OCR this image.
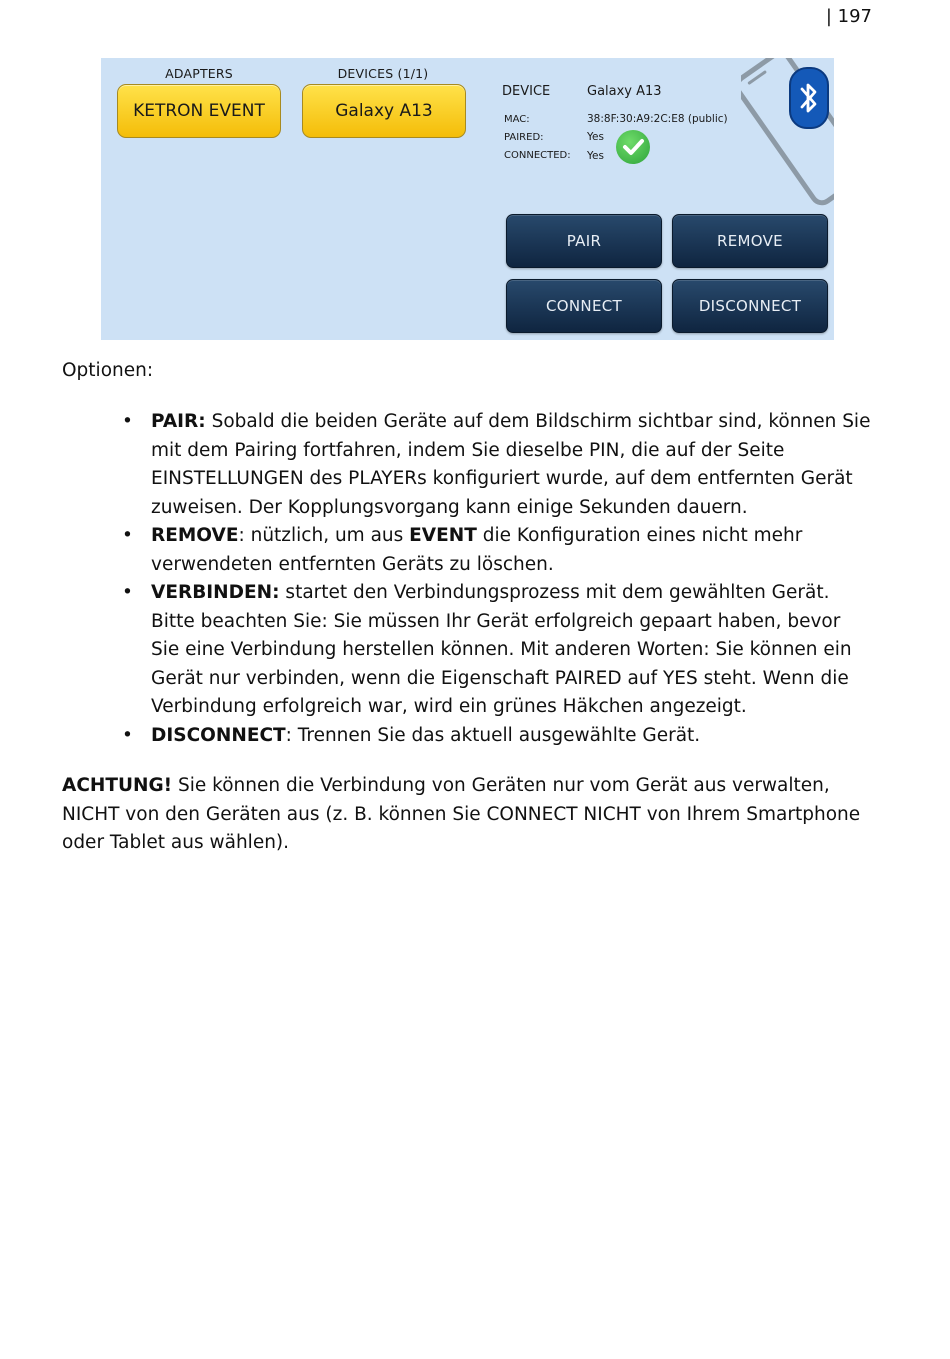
| 197
ADAPTERS	DEVICES (1/1)
KETRON EVENT	Galaxy A13
DEVICE	Galaxy A13
MAC:	38:8F:30:A9:2C:E8 (public)
PAIRED:	Yes
CONNECTED: Yes
PAIR	REMOVE
CONNECT	DISCONNECT
Optionen:
• PAIR: Sobald die beiden Geräte auf dem Bildschirm sichtbar sind, können Sie mit dem Pairing fortfahren, indem Sie dieselbe PIN, die auf der Seite EINSTELLUNGEN des PLAYERs konfiguriert wurde, auf dem entfernten Gerät zuweisen. Der Kopplungsvorgang kann einige Sekunden dauern.
• REMOVE: nützlich, um aus EVENT die Konfiguration eines nicht mehr verwendeten entfernten Geräts zu löschen.
• VERBINDEN: startet den Verbindungsprozess mit dem gewählten Gerät. Bitte beachten Sie: Sie müssen Ihr Gerät erfolgreich gepaart haben, bevor Sie eine Verbindung herstellen können. Mit anderen Worten: Sie können ein Gerät nur verbinden, wenn die Eigenschaft PAIRED auf YES steht. Wenn die Verbindung erfolgreich war, wird ein grünes Häkchen angezeigt.
• DISCONNECT: Trennen Sie das aktuell ausgewählte Gerät.
ACHTUNG! Sie können die Verbindung von Geräten nur vom Gerät aus verwalten, NICHT von den Geräten aus (z. B. können Sie CONNECT NICHT von Ihrem Smartphone oder Tablet aus wählen).
